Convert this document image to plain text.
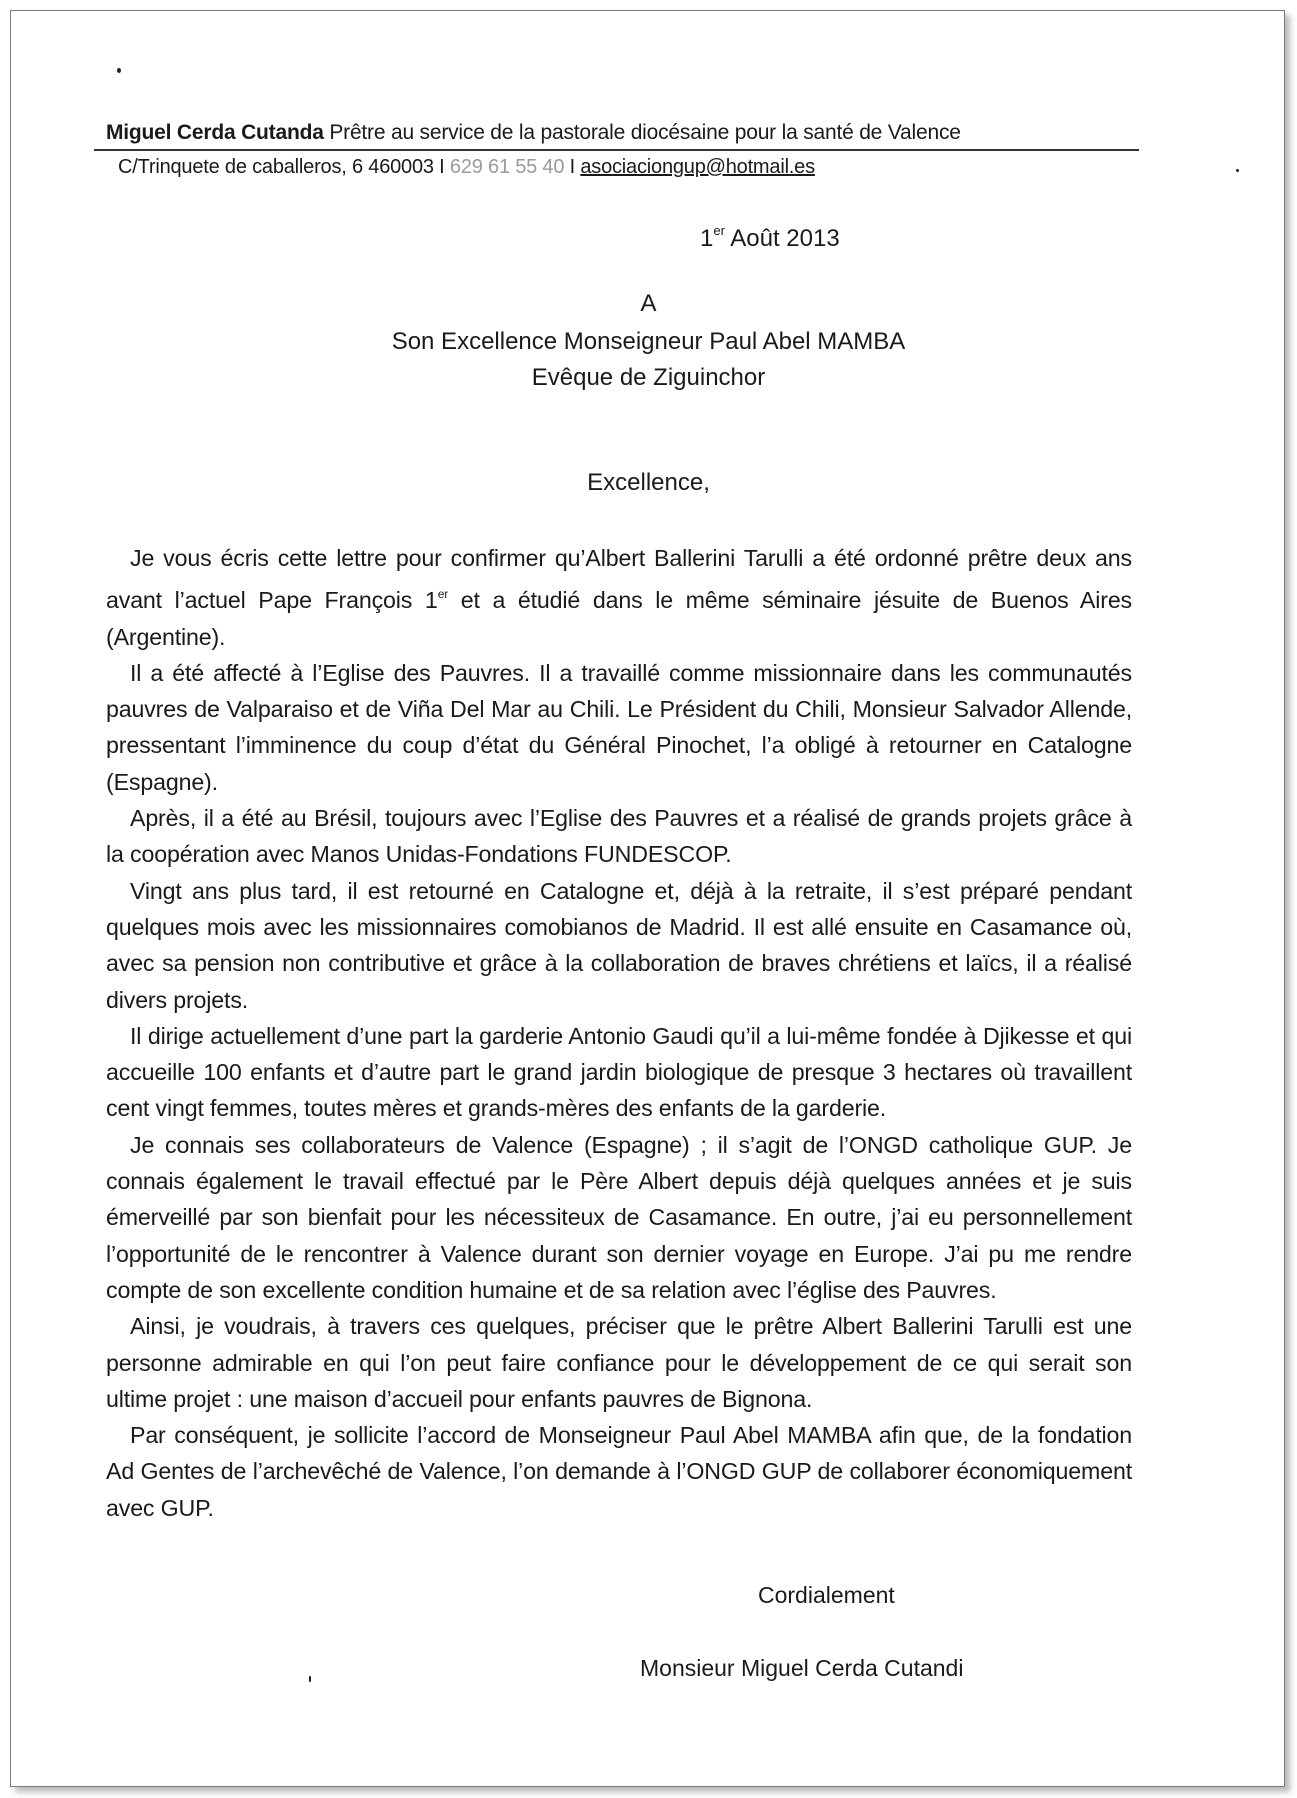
Miguel Cerda Cutanda Prêtre au service de la pastorale diocésaine pour la santé de Valence
C/Trinquete de caballeros, 6 460003 I 629 61 55 40 I asociaciongup@hotmail.es
1er Août 2013
A
Son Excellence Monseigneur Paul Abel MAMBA
Evêque de Ziguinchor
Excellence,

Je vous écris cette lettre pour confirmer qu’Albert Ballerini Tarulli a été ordonné prêtre deux ans avant l’actuel Pape François 1er et a étudié dans le même séminaire jésuite de Buenos Aires (Argentine).

Il a été affecté à l’Eglise des Pauvres. Il a travaillé comme missionnaire dans les communautés pauvres de Valparaiso et de Viña Del Mar au Chili. Le Président du Chili, Monsieur Salvador Allende, pressentant l’imminence du coup d’état du Général Pinochet, l’a obligé à retourner en Catalogne (Espagne).

Après, il a été au Brésil, toujours avec l’Eglise des Pauvres et a réalisé de grands projets grâce à la coopération avec Manos Unidas-Fondations FUNDESCOP.

Vingt ans plus tard, il est retourné en Catalogne et, déjà à la retraite, il s’est préparé pendant quelques mois avec les missionnaires comobianos de Madrid. Il est allé ensuite en Casamance où, avec sa pension non contributive et grâce à la collaboration de braves chrétiens et laïcs, il a réalisé divers projets.

Il dirige actuellement d’une part la garderie Antonio Gaudi qu’il a lui-même fondée à Djikesse et qui accueille 100 enfants et d’autre part le grand jardin biologique de presque 3 hectares où travaillent cent vingt femmes, toutes mères et grands-mères des enfants de la garderie.

Je connais ses collaborateurs de Valence (Espagne) ; il s’agit de l’ONGD catholique GUP. Je connais également le travail effectué par le Père Albert depuis déjà quelques années et je suis émerveillé par son bienfait pour les nécessiteux de Casamance. En outre, j’ai eu personnellement l’opportunité de le rencontrer à Valence durant son dernier voyage en Europe. J’ai pu me rendre compte de son excellente condition humaine et de sa relation avec l’église des Pauvres.

Ainsi, je voudrais, à travers ces quelques, préciser que le prêtre Albert Ballerini Tarulli est une personne admirable en qui l’on peut faire confiance pour le développement de ce qui serait son ultime projet : une maison d’accueil pour enfants pauvres de Bignona.

Par conséquent, je sollicite l’accord de Monseigneur Paul Abel MAMBA afin que, de la fondation Ad Gentes de l’archevêché de Valence, l’on demande à l’ONGD GUP de collaborer économiquement avec GUP.

Cordialement
Monsieur Miguel Cerda Cutandi
